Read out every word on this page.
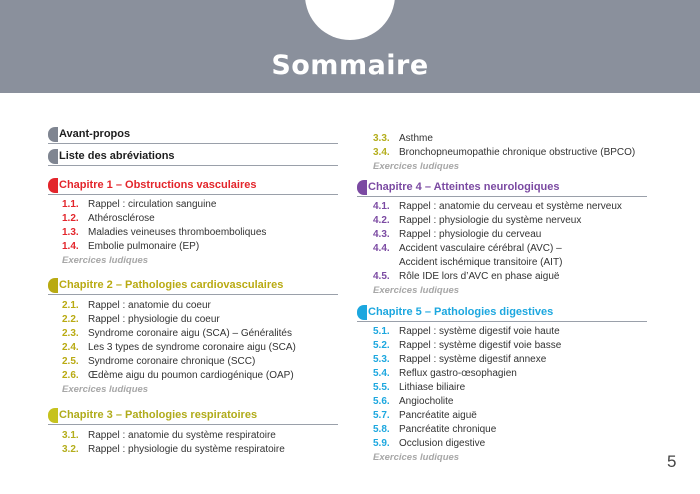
Sommaire
Avant-propos
Liste des abréviations
Chapitre 1 – Obstructions vasculaires
1.1. Rappel : circulation sanguine
1.2. Athérosclérose
1.3. Maladies veineuses thromboemboliques
1.4. Embolie pulmonaire (EP)
Exercices ludiques
Chapitre 2 – Pathologies cardiovasculaires
2.1. Rappel : anatomie du coeur
2.2. Rappel : physiologie du coeur
2.3. Syndrome coronaire aigu (SCA) – Généralités
2.4. Les 3 types de syndrome coronaire aigu (SCA)
2.5. Syndrome coronaire chronique (SCC)
2.6. Œdème aigu du poumon cardiogénique (OAP)
Exercices ludiques
Chapitre 3 – Pathologies respiratoires
3.1. Rappel : anatomie du système respiratoire
3.2. Rappel : physiologie du système respiratoire
3.3. Asthme
3.4. Bronchopneumopathie chronique obstructive (BPCO)
Exercices ludiques
Chapitre 4 – Atteintes neurologiques
4.1. Rappel : anatomie du cerveau et système nerveux
4.2. Rappel : physiologie du système nerveux
4.3. Rappel : physiologie du cerveau
4.4. Accident vasculaire cérébral (AVC) –
Accident ischémique transitoire (AIT)
4.5. Rôle IDE lors d’AVC en phase aiguë
Exercices ludiques
Chapitre 5 – Pathologies digestives
5.1. Rappel : système digestif voie haute
5.2. Rappel : système digestif voie basse
5.3. Rappel : système digestif annexe
5.4. Reflux gastro-œsophagien
5.5. Lithiase biliaire
5.6. Angiocholite
5.7. Pancréatite aiguë
5.8. Pancréatite chronique
5.9. Occlusion digestive
Exercices ludiques	5
